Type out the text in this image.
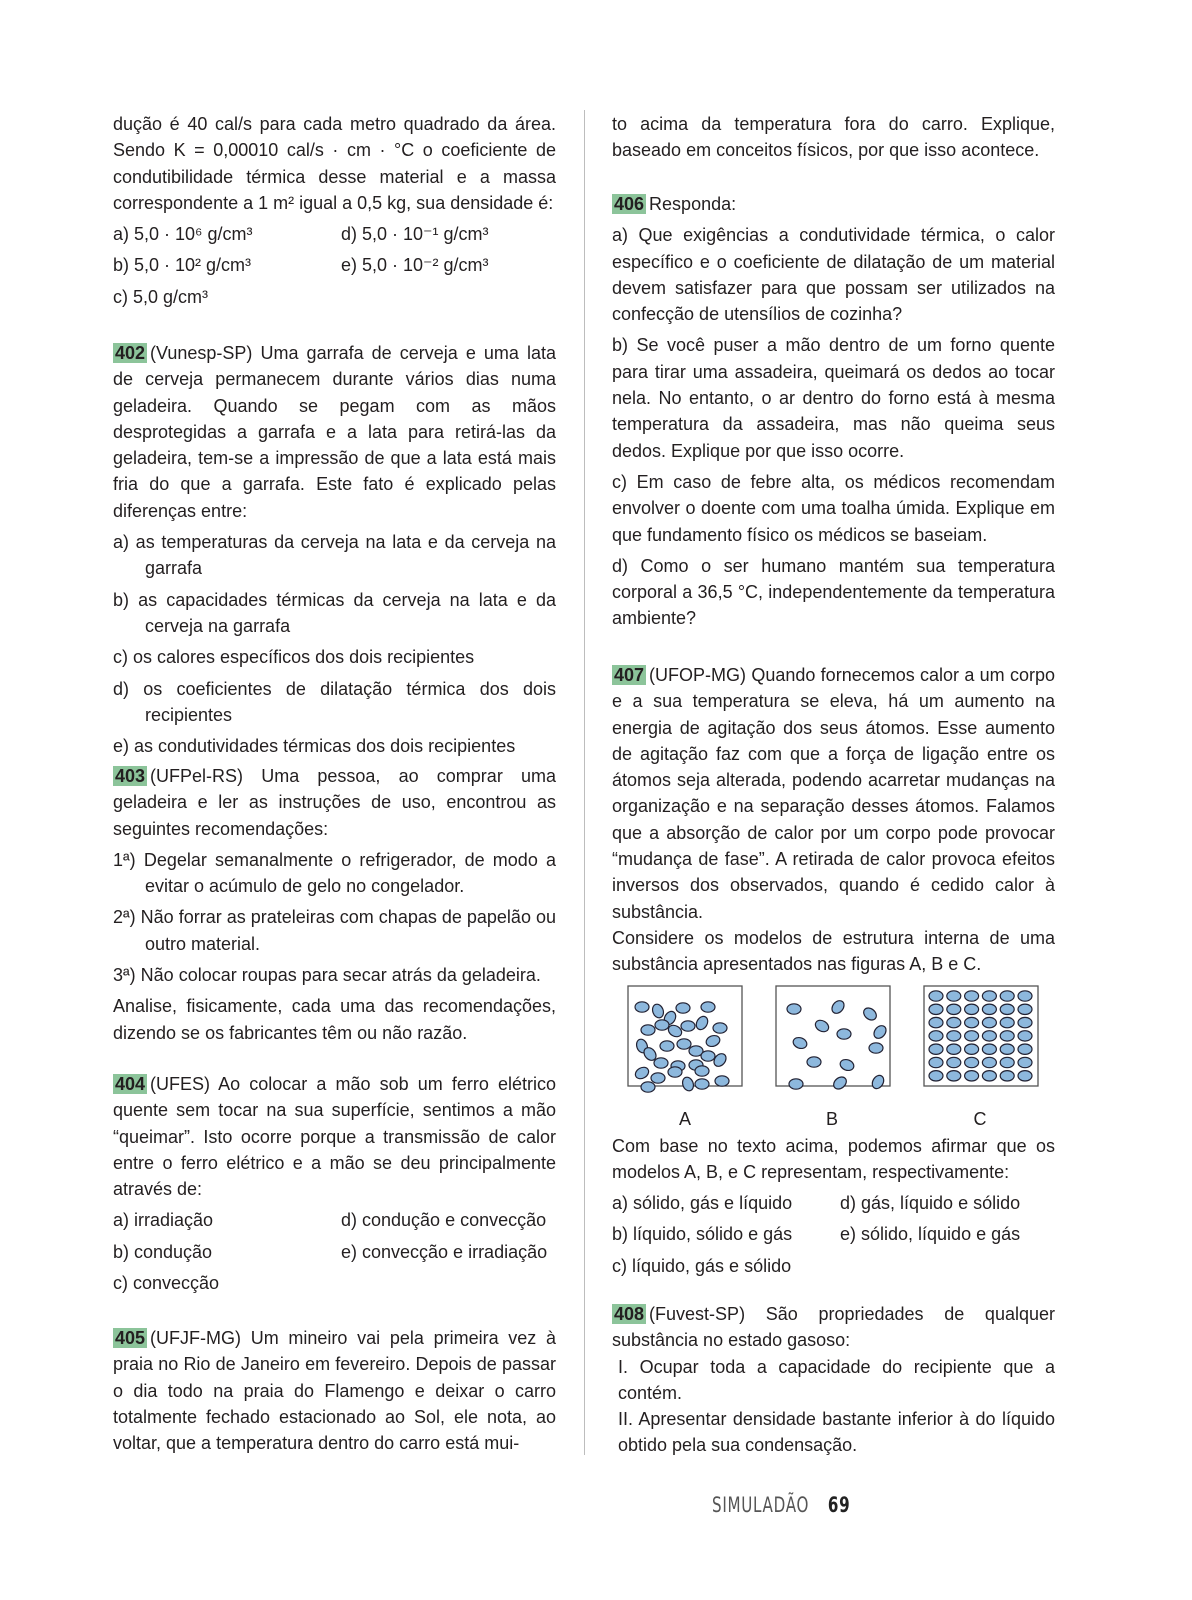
dução é 40 cal/s para cada metro quadrado da área. Sendo K = 0,00010 cal/s · cm · °C o coeficiente de condutibilidade térmica desse material e a massa correspondente a 1 m² igual a 0,5 kg, sua densidade é:

a) 5,0 · 10⁶ g/cm³	d) 5,0 · 10⁻¹ g/cm³
b) 5,0 · 10² g/cm³	e) 5,0 · 10⁻² g/cm³
c) 5,0 g/cm³

402 (Vunesp-SP) Uma garrafa de cerveja e uma lata de cerveja permanecem durante vários dias numa geladeira. Quando se pegam com as mãos desprotegidas a garrafa e a lata para retirá-las da geladeira, tem-se a impressão de que a lata está mais fria do que a garrafa. Este fato é explicado pelas diferenças entre:

a) as temperaturas da cerveja na lata e da cerveja na garrafa
b) as capacidades térmicas da cerveja na lata e da cerveja na garrafa
c) os calores específicos dos dois recipientes
d) os coeficientes de dilatação térmica dos dois recipientes
e) as condutividades térmicas dos dois recipientes

403 (UFPel-RS) Uma pessoa, ao comprar uma geladeira e ler as instruções de uso, encontrou as seguintes recomendações:

1ª) Degelar semanalmente o refrigerador, de modo a evitar o acúmulo de gelo no congelador.
2ª) Não forrar as prateleiras com chapas de papelão ou outro material.
3ª) Não colocar roupas para secar atrás da geladeira.

Analise, fisicamente, cada uma das recomendações, dizendo se os fabricantes têm ou não razão.

404 (UFES) Ao colocar a mão sob um ferro elétrico quente sem tocar na sua superfície, sentimos a mão “queimar”. Isto ocorre porque a transmissão de calor entre o ferro elétrico e a mão se deu principalmente através de:

a) irradiação	d) condução e convecção
b) condução	e) convecção e irradiação
c) convecção

405 (UFJF-MG) Um mineiro vai pela primeira vez à praia no Rio de Janeiro em fevereiro. Depois de passar o dia todo na praia do Flamengo e deixar o carro totalmente fechado estacionado ao Sol, ele nota, ao voltar, que a temperatura dentro do carro está mui-

to acima da temperatura fora do carro. Explique, baseado em conceitos físicos, por que isso acontece.

406 Responda:

a) Que exigências a condutividade térmica, o calor específico e o coeficiente de dilatação de um material devem satisfazer para que possam ser utilizados na confecção de utensílios de cozinha?

b) Se você puser a mão dentro de um forno quente para tirar uma assadeira, queimará os dedos ao tocar nela. No entanto, o ar dentro do forno está à mesma temperatura da assadeira, mas não queima seus dedos. Explique por que isso ocorre.

c) Em caso de febre alta, os médicos recomendam envolver o doente com uma toalha úmida. Explique em que fundamento físico os médicos se baseiam.

d) Como o ser humano mantém sua temperatura corporal a 36,5 °C, independentemente da temperatura ambiente?

407 (UFOP-MG) Quando fornecemos calor a um corpo e a sua temperatura se eleva, há um aumento na energia de agitação dos seus átomos. Esse aumento de agitação faz com que a força de ligação entre os átomos seja alterada, podendo acarretar mudanças na organização e na separação desses átomos. Falamos que a absorção de calor por um corpo pode provocar “mudança de fase”. A retirada de calor provoca efeitos inversos dos observados, quando é cedido calor à substância.

Considere os modelos de estrutura interna de uma substância apresentados nas figuras A, B e C.

A	B	C

Com base no texto acima, podemos afirmar que os modelos A, B, e C representam, respectivamente:

a) sólido, gás e líquido	d) gás, líquido e sólido
b) líquido, sólido e gás	e) sólido, líquido e gás
c) líquido, gás e sólido

408 (Fuvest-SP) São propriedades de qualquer substância no estado gasoso:

I. Ocupar toda a capacidade do recipiente que a contém.

II. Apresentar densidade bastante inferior à do líquido obtido pela sua condensação.

SIMULADÃO 69
